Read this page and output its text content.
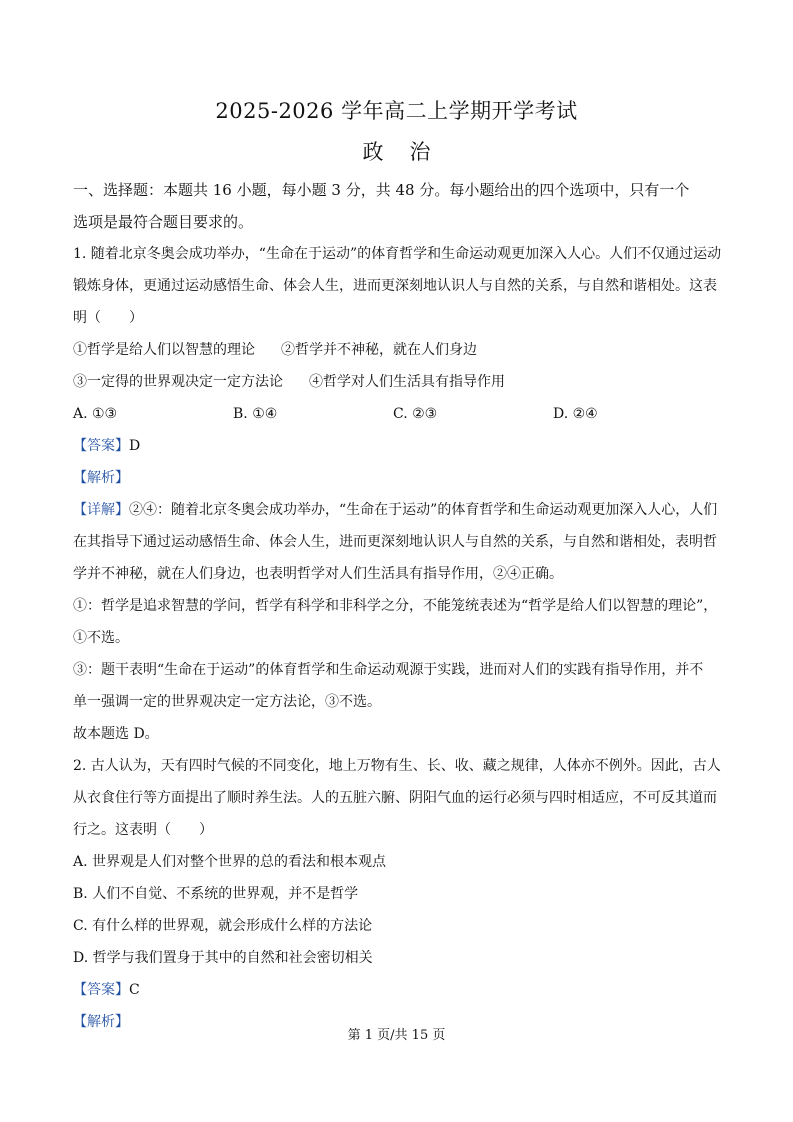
2025-2026 学年高二上学期开学考试
政 治

一、选择题：本题共 16 小题，每小题 3 分，共 48 分。每小题给出的四个选项中，只有一个

选项是最符合题目要求的。

1. 随着北京冬奥会成功举办，“生命在于运动”的体育哲学和生命运动观更加深入人心。人们不仅通过运动

锻炼身体，更通过运动感悟生命、体会人生，进而更深刻地认识人与自然的关系，与自然和谐相处。这表

明（　　）

①哲学是给人们以智慧的理论 ②哲学并不神秘，就在人们身边

③一定得的世界观决定一定方法论 ④哲学对人们生活具有指导作用

A. ①③	B. ①④	C. ②③	D. ②④

【答案】D

【解析】

【详解】②④：随着北京冬奥会成功举办，“生命在于运动”的体育哲学和生命运动观更加深入人心，人们

在其指导下通过运动感悟生命、体会人生，进而更深刻地认识人与自然的关系，与自然和谐相处，表明哲

学并不神秘，就在人们身边，也表明哲学对人们生活具有指导作用，②④正确。

①：哲学是追求智慧的学问，哲学有科学和非科学之分，不能笼统表述为“哲学是给人们以智慧的理论”，

①不选。

③：题干表明“生命在于运动”的体育哲学和生命运动观源于实践，进而对人们的实践有指导作用，并不

单一强调一定的世界观决定一定方法论，③不选。

故本题选 D。

2. 古人认为，天有四时气候的不同变化，地上万物有生、长、收、藏之规律，人体亦不例外。因此，古人

从衣食住行等方面提出了顺时养生法。人的五脏六腑、阴阳气血的运行必须与四时相适应，不可反其道而

行之。这表明（　　）

A. 世界观是人们对整个世界的总的看法和根本观点

B. 人们不自觉、不系统的世界观，并不是哲学

C. 有什么样的世界观，就会形成什么样的方法论

D. 哲学与我们置身于其中的自然和社会密切相关

【答案】C

【解析】

第 1 页/共 15 页
